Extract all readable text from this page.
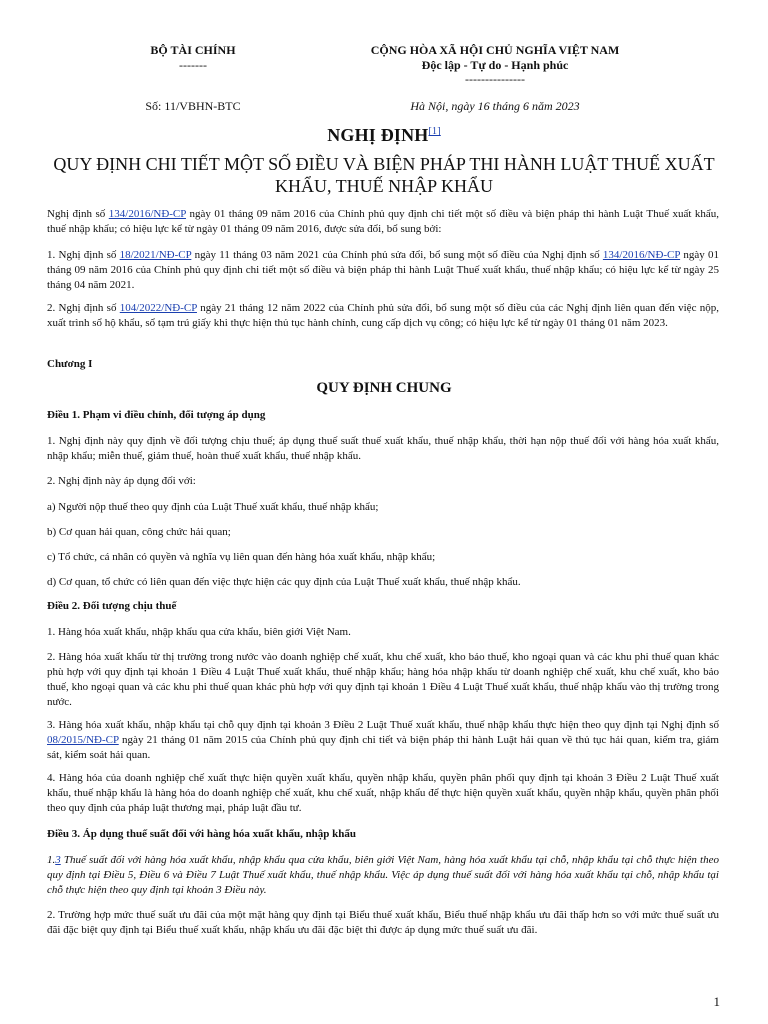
BỘ TÀI CHÍNH
-------
CỘNG HÒA XÃ HỘI CHỦ NGHĨA VIỆT NAM
Độc lập - Tự do - Hạnh phúc
---------------
Số: 11/VBHN-BTC	Hà Nội, ngày 16 tháng 6 năm 2023
NGHỊ ĐỊNH[1]
QUY ĐỊNH CHI TIẾT MỘT SỐ ĐIỀU VÀ BIỆN PHÁP THI HÀNH LUẬT THUẾ XUẤT KHẨU, THUẾ NHẬP KHẨU
Nghị định số 134/2016/NĐ-CP ngày 01 tháng 09 năm 2016 của Chính phủ quy định chi tiết một số điều và biện pháp thi hành Luật Thuế xuất khẩu, thuế nhập khẩu; có hiệu lực kể từ ngày 01 tháng 09 năm 2016, được sửa đổi, bổ sung bởi:
1. Nghị định số 18/2021/NĐ-CP ngày 11 tháng 03 năm 2021 của Chính phủ sửa đổi, bổ sung một số điều của Nghị định số 134/2016/NĐ-CP ngày 01 tháng 09 năm 2016 của Chính phủ quy định chi tiết một số điều và biện pháp thi hành Luật Thuế xuất khẩu, thuế nhập khẩu; có hiệu lực kể từ ngày 25 tháng 04 năm 2021.
2. Nghị định số 104/2022/NĐ-CP ngày 21 tháng 12 năm 2022 của Chính phủ sửa đổi, bổ sung một số điều của các Nghị định liên quan đến việc nộp, xuất trình sổ hộ khẩu, sổ tạm trú giấy khi thực hiện thủ tục hành chính, cung cấp dịch vụ công; có hiệu lực kể từ ngày 01 tháng 01 năm 2023.
Chương I
QUY ĐỊNH CHUNG
Điều 1. Phạm vi điều chỉnh, đối tượng áp dụng
1. Nghị định này quy định về đối tượng chịu thuế; áp dụng thuế suất thuế xuất khẩu, thuế nhập khẩu, thời hạn nộp thuế đối với hàng hóa xuất khẩu, nhập khẩu; miễn thuế, giảm thuế, hoàn thuế xuất khẩu, thuế nhập khẩu.
2. Nghị định này áp dụng đối với:
a) Người nộp thuế theo quy định của Luật Thuế xuất khẩu, thuế nhập khẩu;
b) Cơ quan hải quan, công chức hải quan;
c) Tổ chức, cá nhân có quyền và nghĩa vụ liên quan đến hàng hóa xuất khẩu, nhập khẩu;
d) Cơ quan, tổ chức có liên quan đến việc thực hiện các quy định của Luật Thuế xuất khẩu, thuế nhập khẩu.
Điều 2. Đối tượng chịu thuế
1. Hàng hóa xuất khẩu, nhập khẩu qua cửa khẩu, biên giới Việt Nam.
2. Hàng hóa xuất khẩu từ thị trường trong nước vào doanh nghiệp chế xuất, khu chế xuất, kho bảo thuế, kho ngoại quan và các khu phi thuế quan khác phù hợp với quy định tại khoản 1 Điều 4 Luật Thuế xuất khẩu, thuế nhập khẩu; hàng hóa nhập khẩu từ doanh nghiệp chế xuất, khu chế xuất, kho bảo thuế, kho ngoại quan và các khu phi thuế quan khác phù hợp với quy định tại khoản 1 Điều 4 Luật Thuế xuất khẩu, thuế nhập khẩu vào thị trường trong nước.
3. Hàng hóa xuất khẩu, nhập khẩu tại chỗ quy định tại khoản 3 Điều 2 Luật Thuế xuất khẩu, thuế nhập khẩu thực hiện theo quy định tại Nghị định số 08/2015/NĐ-CP ngày 21 tháng 01 năm 2015 của Chính phủ quy định chi tiết và biện pháp thi hành Luật hải quan về thủ tục hải quan, kiểm tra, giám sát, kiểm soát hải quan.
4. Hàng hóa của doanh nghiệp chế xuất thực hiện quyền xuất khẩu, quyền nhập khẩu, quyền phân phối quy định tại khoản 3 Điều 2 Luật Thuế xuất khẩu, thuế nhập khẩu là hàng hóa do doanh nghiệp chế xuất, khu chế xuất, nhập khẩu để thực hiện quyền xuất khẩu, quyền nhập khẩu, quyền phân phối theo quy định của pháp luật thương mại, pháp luật đầu tư.
Điều 3. Áp dụng thuế suất đối với hàng hóa xuất khẩu, nhập khẩu
1.3 Thuế suất đối với hàng hóa xuất khẩu, nhập khẩu qua cửa khẩu, biên giới Việt Nam, hàng hóa xuất khẩu tại chỗ, nhập khẩu tại chỗ thực hiện theo quy định tại Điều 5, Điều 6 và Điều 7 Luật Thuế xuất khẩu, thuế nhập khẩu. Việc áp dụng thuế suất đối với hàng hóa xuất khẩu tại chỗ, nhập khẩu tại chỗ thực hiện theo quy định tại khoản 3 Điều này.
2. Trường hợp mức thuế suất ưu đãi của một mặt hàng quy định tại Biểu thuế xuất khẩu, Biểu thuế nhập khẩu ưu đãi thấp hơn so với mức thuế suất ưu đãi đặc biệt quy định tại Biểu thuế xuất khẩu, nhập khẩu ưu đãi đặc biệt thì được áp dụng mức thuế suất ưu đãi.
1
